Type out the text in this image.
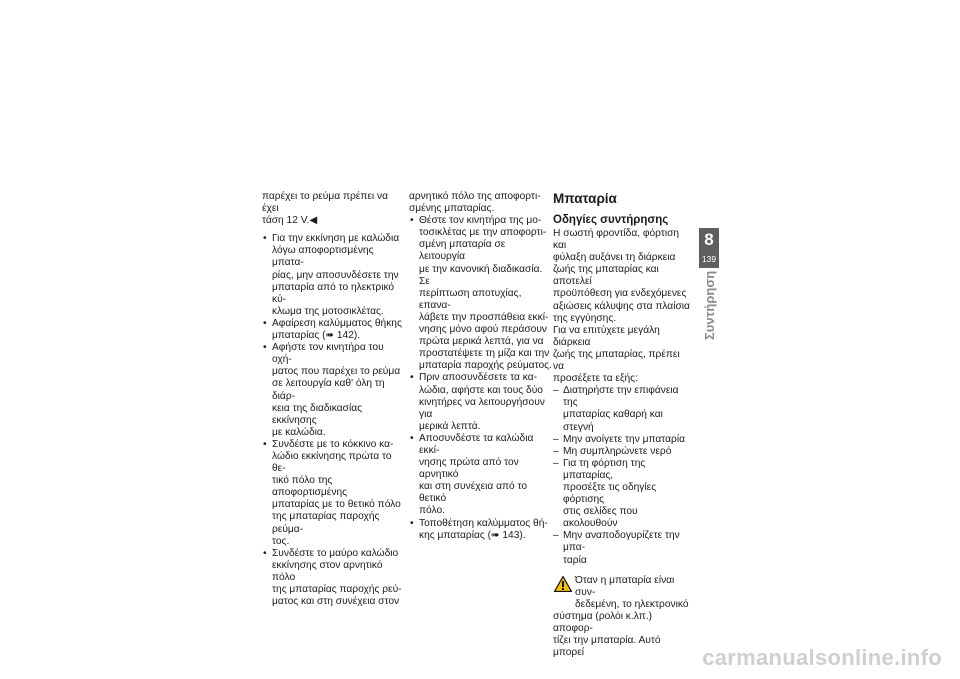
παρέχει το ρεύμα πρέπει να έχει

τάση 12 V.◀

• Για την εκκίνηση με καλώδια
λόγω αποφορτισμένης μπατα-
ρίας, μην αποσυνδέσετε την
μπαταρία από το ηλεκτρικό κύ-
κλωμα της μοτοσικλέτας.
• Αφαίρεση καλύμματος θήκης
μπαταρίας (➠ 142).
• Αφήστε τον κινητήρα του οχή-
ματος που παρέχει το ρεύμα
σε λειτουργία καθ' όλη τη διάρ-
κεια της διαδικασίας εκκίνησης
με καλώδια.
• Συνδέστε με το κόκκινο κα-
λώδιο εκκίνησης πρώτα το θε-
τικό πόλο της αποφορτισμένης
μπαταρίας με το θετικό πόλο
της μπαταρίας παροχής ρεύμα-
τος.
• Συνδέστε το μαύρο καλώδιο
εκκίνησης στον αρνητικό πόλο
της μπαταρίας παροχής ρεύ-
ματος και στη συνέχεια στον

αρνητικό πόλο της αποφορτι-

σμένης μπαταρίας.

• Θέστε τον κινητήρα της μο-
τοσικλέτας με την αποφορτι-
σμένη μπαταρία σε λειτουργία
με την κανονική διαδικασία. Σε
περίπτωση αποτυχίας, επανα-
λάβετε την προσπάθεια εκκί-
νησης μόνο αφού περάσουν
πρώτα μερικά λεπτά, για να
προστατέψετε τη μίζα και την
μπαταρία παροχής ρεύματος.
• Πριν αποσυνδέσετε τα κα-
λώδια, αφήστε και τους δύο
κινητήρες να λειτουργήσουν για
μερικά λεπτά.
• Αποσυνδέστε τα καλώδια εκκί-
νησης πρώτα από τον αρνητικό
και στη συνέχεια από το θετικό
πόλο.
• Τοποθέτηση καλύμματος θή-
κης μπαταρίας (➠ 143).
Μπαταρία
Οδηγίες συντήρησης

Η σωστή φροντίδα, φόρτιση και
φύλαξη αυξάνει τη διάρκεια
ζωής της μπαταρίας και αποτελεί
προϋπόθεση για ενδεχόμενες
αξιώσεις κάλυψης στα πλαίσια
της εγγύησης.

Για να επιτύχετε μεγάλη διάρκεια
ζωής της μπαταρίας, πρέπει να
προσέξετε τα εξής:

– Διατηρήστε την επιφάνεια της
μπαταρίας καθαρή και στεγνή
– Μην ανοίγετε την μπαταρία
– Μη συμπληρώνετε νερό
– Για τη φόρτιση της μπαταρίας,
προσέξτε τις οδηγίες φόρτισης
στις σελίδες που ακολουθούν
– Μην αναποδογυρίζετε την μπα-
ταρία
Όταν η μπαταρία είναι συν-
δεδεμένη, το ηλεκτρονικό
σύστημα (ρολόι κ.λπ.) αποφορ-
τίζει την μπαταρία. Αυτό μπορεί
8
139
Συντήρηση
carmanualsonline.info
